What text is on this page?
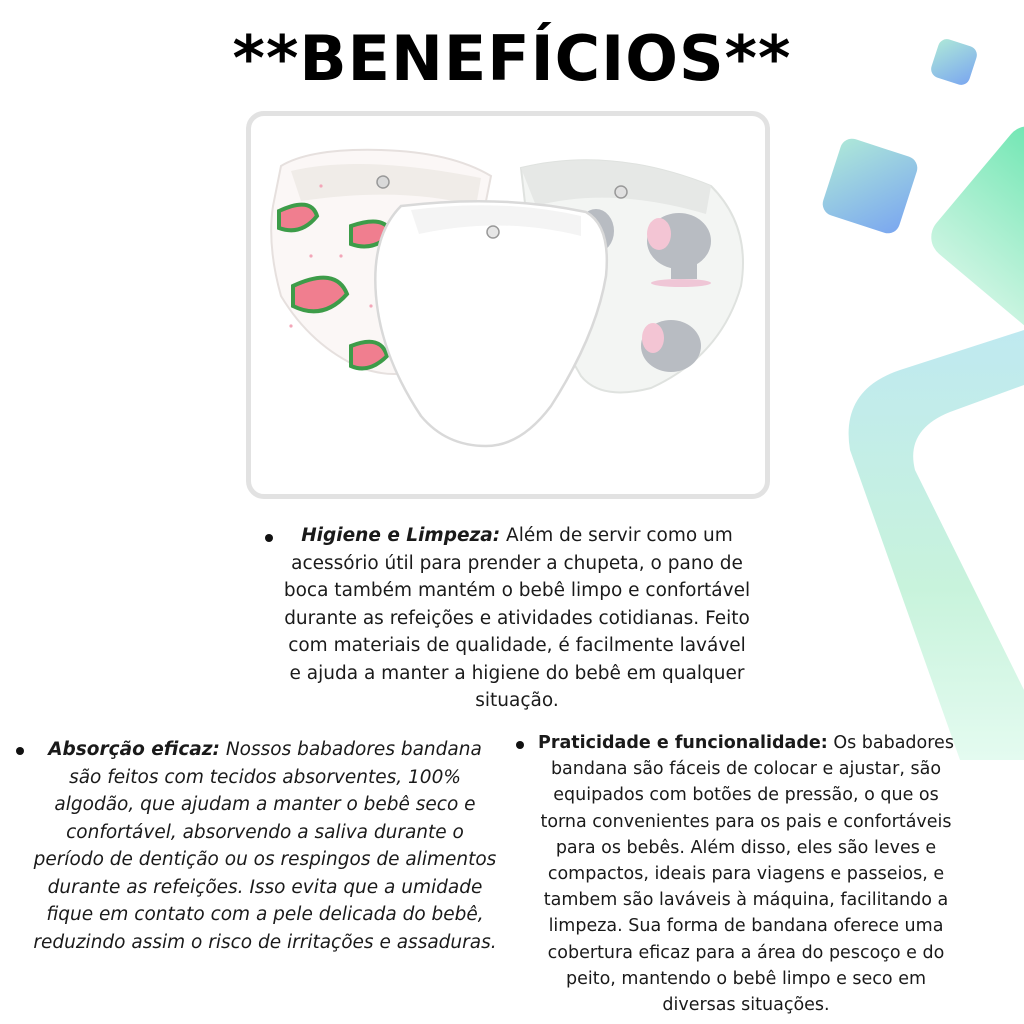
**BENEFÍCIOS**
Higiene e Limpeza: Além de servir como um acessório útil para prender a chupeta, o pano de boca também mantém o bebê limpo e confortável durante as refeições e atividades cotidianas. Feito com materiais de qualidade, é facilmente lavável e ajuda a manter a higiene do bebê em qualquer situação.
Absorção eficaz: Nossos babadores bandana são feitos com tecidos absorventes, 100% algodão, que ajudam a manter o bebê seco e confortável, absorvendo a saliva durante o período de dentição ou os respingos de alimentos durante as refeições. Isso evita que a umidade fique em contato com a pele delicada do bebê, reduzindo assim o risco de irritações e assaduras.
Praticidade e funcionalidade: Os babadores bandana são fáceis de colocar e ajustar, são equipados com botões de pressão, o que os torna convenientes para os pais e confortáveis para os bebês. Além disso, eles são leves e compactos, ideais para viagens e passeios, e tambem são laváveis à máquina, facilitando a limpeza. Sua forma de bandana oferece uma cobertura eficaz para a área do pescoço e do peito, mantendo o bebê limpo e seco em diversas situações.
